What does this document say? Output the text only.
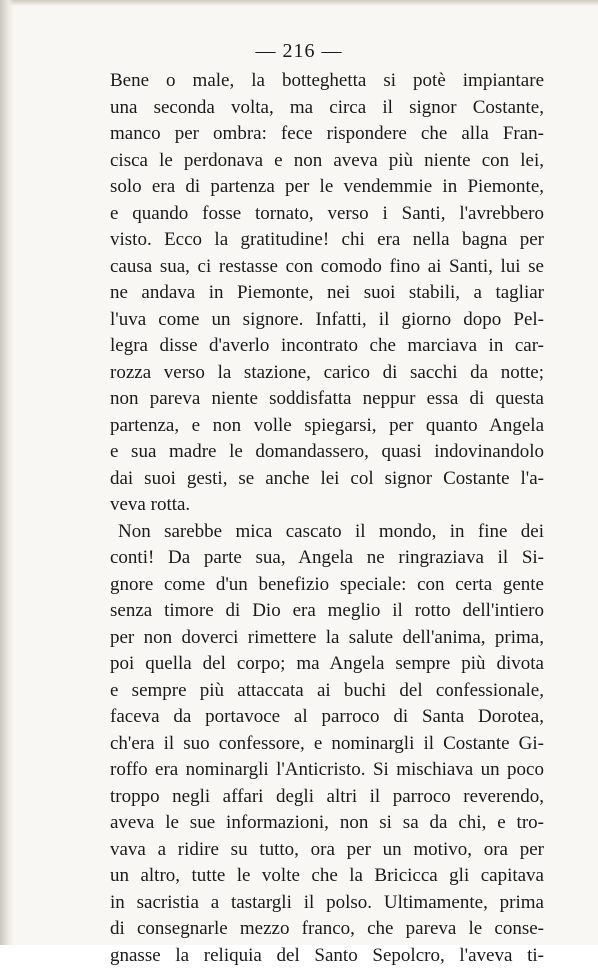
— 216 —

Bene o male, la botteghetta si potè impiantare
una seconda volta, ma circa il signor Costante,
manco per ombra: fece rispondere che alla Fran-
cisca le perdonava e non aveva più niente con lei,
solo era di partenza per le vendemmie in Piemonte,
e quando fosse tornato, verso i Santi, l'avrebbero
visto. Ecco la gratitudine! chi era nella bagna per
causa sua, ci restasse con comodo fino ai Santi, lui se
ne andava in Piemonte, nei suoi stabili, a tagliar
l'uva come un signore. Infatti, il giorno dopo Pel-
legra disse d'averlo incontrato che marciava in car-
rozza verso la stazione, carico di sacchi da notte;
non pareva niente soddisfatta neppur essa di questa
partenza, e non volle spiegarsi, per quanto Angela
e sua madre le domandassero, quasi indovinandolo
dai suoi gesti, se anche lei col signor Costante l'a-
veva rotta.
Non sarebbe mica cascato il mondo, in fine dei
conti! Da parte sua, Angela ne ringraziava il Si-
gnore come d'un benefizio speciale: con certa gente
senza timore di Dio era meglio il rotto dell'intiero
per non doverci rimettere la salute dell'anima, prima,
poi quella del corpo; ma Angela sempre più divota
e sempre più attaccata ai buchi del confessionale,
faceva da portavoce al parroco di Santa Dorotea,
ch'era il suo confessore, e nominargli il Costante Gi-
roffo era nominargli l'Anticristo. Si mischiava un poco
troppo negli affari degli altri il parroco reverendo,
aveva le sue informazioni, non si sa da chi, e tro-
vava a ridire su tutto, ora per un motivo, ora per
un altro, tutte le volte che la Bricicca gli capitava
in sacristia a tastargli il polso. Ultimamente, prima
di consegnarle mezzo franco, che pareva le conse-
gnasse la reliquia del Santo Sepolcro, l'aveva ti-
